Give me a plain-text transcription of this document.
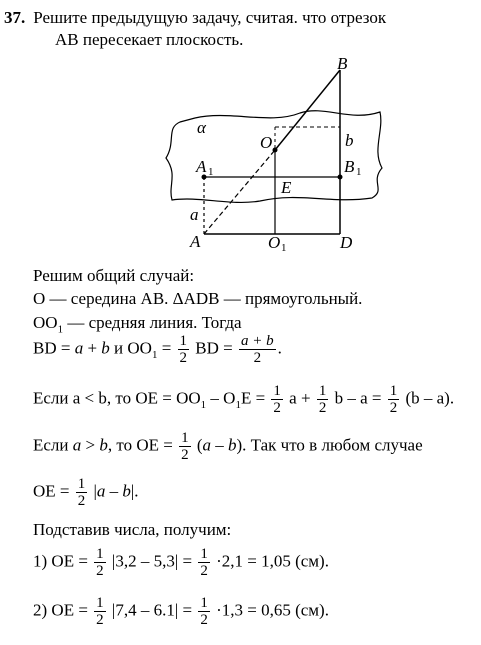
37. Решите предыдущую задачу, считая. что отрезок
AB пересекает плоскость.
B
α
O	b
A 1	B 1
E
a
A	O 1	D
Решим общий случай:
O — середина AB. ΔADB — прямоугольный.
$OO_1$ — средняя линия. Тогда
BD = a + b и $OO_1 = \frac{1}{2}$ BD = $\frac{a + b}{2}$ .
Если a < b, то OE = $OO_1 - O_1E = \frac{1}{2}$ $a + \frac{1}{2}$ $b - a = \frac{1}{2} (b - a)$.
Если a > b, то OE = $\frac{1}{2} (a - b)$. Так что в любом случае
OE = $\frac{1}{2} |a - b|$.
Подставив числа, получим:
1) OE = $\frac{1}{2} |3,2 - 5,3| = \frac{1}{2} \cdot 2,1 = 1,05$ (см).
2) OE = $\frac{1}{2} |7,4 - 6.1| = \frac{1}{2} \cdot 1,3 = 0,65$ (см).
